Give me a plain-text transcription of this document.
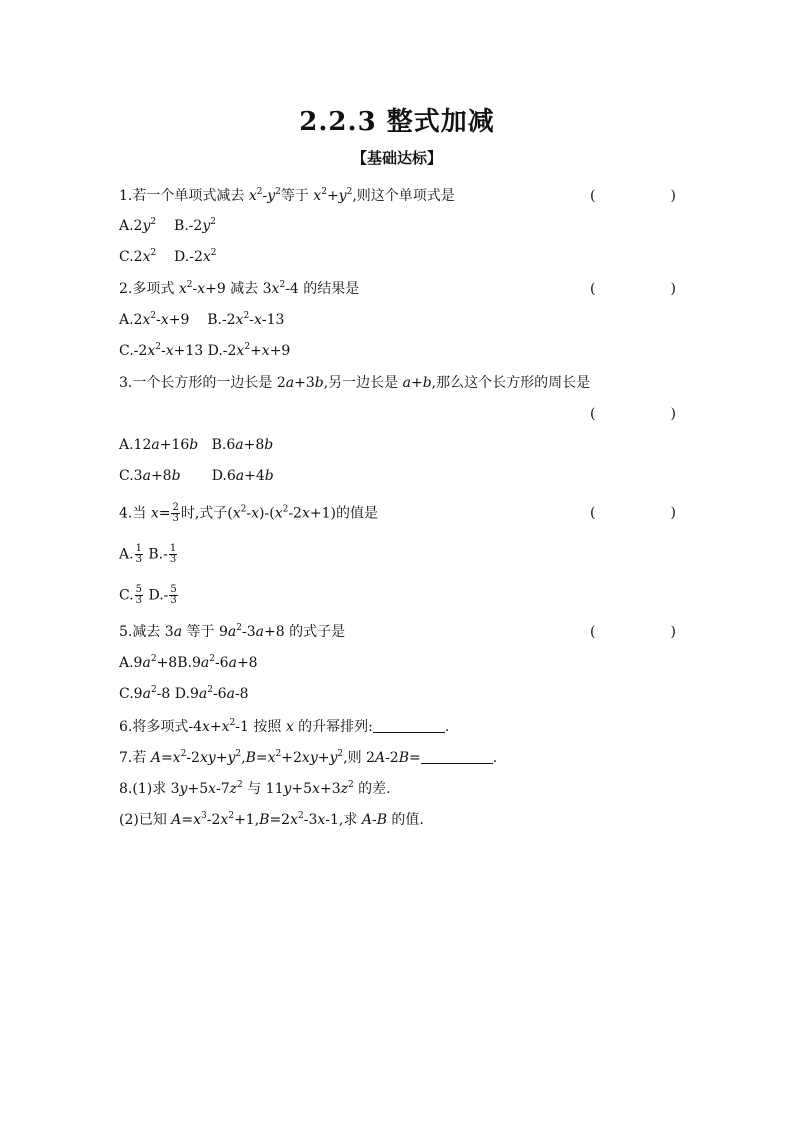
2.2.3 整式加减
【基础达标】
1.若一个单项式减去 $x^2-y^2$等于 $x^2+y^2$,则这个单项式是	(	)
$A.2y^2$ $B.-2y^2$
$C.2x^2$ $D.-2x^2$
2.多项式 $x^2-x+9$ 减去 $3x^2-4$ 的结果是	(	)
$A.2x^2-x+9$    $B.-2x^2-x-13$
$C.-2x^2-x+13$ $D.-2x^2+x+9$
3.一个长方形的一边长是 2a+3b,另一边长是 a+b,那么这个长方形的周长是
(	)
A.12a+16b B.6a+8b
C.3a+8b D.6a+4b
4.当 $x= \frac{2}{3}$ 时,式子$(x^2-x)-(x^2-2x+1)$的值是	(	)
A. $\frac{1}{3} B.- \frac{1}{3}$
C. $\frac{5}{3} D.- \frac{5}{3}$
5.减去 3a 等于 $9a^2-3a+8$ 的式子是	(	)
$A.9a^2+8B.9a^2-6a+8$
$C.9a^2-8$ $D.9a^2-6a-8$
6.将多项式$-4x+x^2-1$ 按照 x 的升幂排列:	.
7.若 $A=x^2-2xy+y^2,B=x^2+2xy+y^2$,则 2A-2B=	.
8.(1)求 $3y+5x-7z^2$ 与 $11y+5x+3z^2$ 的差.
(2)已知 $A=x^3-2x^2+1,B=2x^2-3x-1$,求 A-B 的值.
